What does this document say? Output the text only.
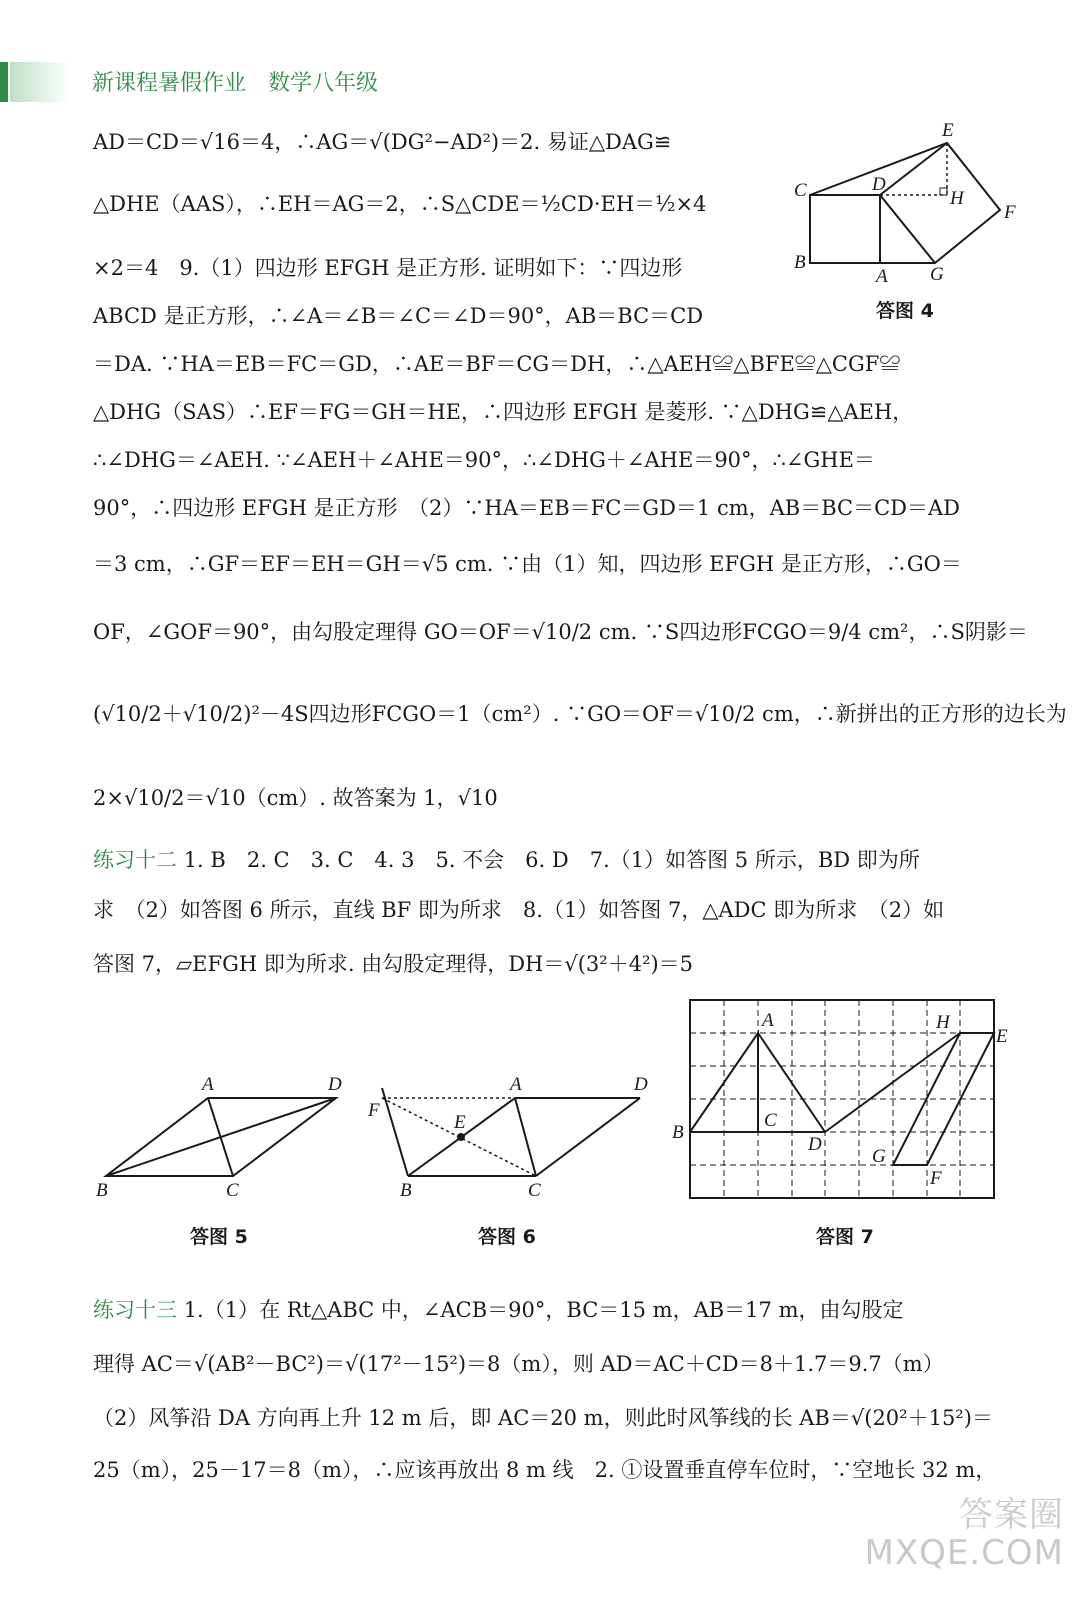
新课程暑假作业 数学八年级
AD＝CD＝√16＝4，∴AG＝√(DG²−AD²)＝2. 易证△DAG≌
△DHE（AAS），∴EH＝AG＝2，∴S△CDE＝½CD·EH＝½×4
×2＝4　9.（1）四边形 EFGH 是正方形. 证明如下：∵四边形
ABCD 是正方形，∴∠A＝∠B＝∠C＝∠D＝90°，AB＝BC＝CD
＝DA. ∵HA＝EB＝FC＝GD，∴AE＝BF＝CG＝DH，∴△AEH≌△BFE≌△CGF≌
△DHG（SAS）∴EF＝FG＝GH＝HE，∴四边形 EFGH 是菱形. ∵△DHG≌△AEH，
∴∠DHG＝∠AEH. ∵∠AEH＋∠AHE＝90°，∴∠DHG＋∠AHE＝90°，∴∠GHE＝
90°，∴四边形 EFGH 是正方形　（2）∵HA＝EB＝FC＝GD＝1 cm，AB＝BC＝CD＝AD
＝3 cm，∴GF＝EF＝EH＝GH＝√5 cm. ∵由（1）知，四边形 EFGH 是正方形，∴GO＝
OF，∠GOF＝90°，由勾股定理得 GO＝OF＝√10/2 cm. ∵S四边形FCGO＝9/4 cm²，∴S阴影＝
(√10/2＋√10/2)²－4S四边形FCGO＝1（cm²）. ∵GO＝OF＝√10/2 cm，∴新拼出的正方形的边长为
2×√10/2＝√10（cm）. 故答案为 1，√10
练习十二 1. B　2. C　3. C　4. 3　5. 不会　6. D　7.（1）如答图 5 所示，BD 即为所
求　（2）如答图 6 所示，直线 BF 即为所求　8.（1）如答图 7，△ADC 即为所求　（2）如
答图 7，▱EFGH 即为所求. 由勾股定理得，DH＝√(3²＋4²)＝5
E
C	D
H
F
B
A G
答图 4
A	D
B	C
答图 5
A	D
F
E
B	C
答图 6
A	H
E
B
C
D
G
F
答图 7
练习十三 1.（1）在 Rt△ABC 中，∠ACB＝90°，BC＝15 m，AB＝17 m，由勾股定
理得 AC＝√(AB²－BC²)＝√(17²－15²)＝8（m），则 AD＝AC＋CD＝8＋1.7＝9.7（m）
（2）风筝沿 DA 方向再上升 12 m 后，即 AC＝20 m，则此时风筝线的长 AB＝√(20²＋15²)＝
25（m），25－17＝8（m），∴应该再放出 8 m 线　2. ①设置垂直停车位时，∵空地长 32 m，
答案圈
MXQE.COM
